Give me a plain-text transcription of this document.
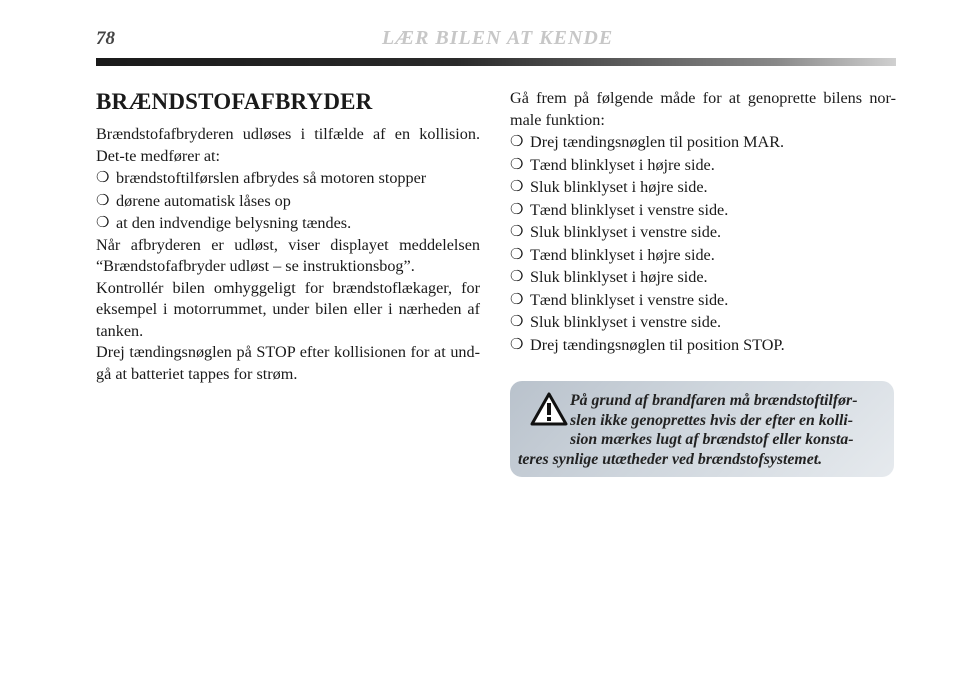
78	LÆR BILEN AT KENDE
BRÆNDSTOFAFBRYDER

Brændstofafbryderen udløses i tilfælde af en kollision. Det-te medfører at:

❍ brændstoftilførslen afbrydes så motoren stopper
❍ dørene automatisk låses op
❍ at den indvendige belysning tændes.

Når afbryderen er udløst, viser displayet meddelelsen “Brændstofafbryder udløst – se instruktionsbog”.

Kontrollér bilen omhyggeligt for brændstoflækager, for eksempel i motorrummet, under bilen eller i nærheden af tanken.

Drej tændingsnøglen på STOP efter kollisionen for at und-gå at batteriet tappes for strøm.

Gå frem på følgende måde for at genoprette bilens nor-male funktion:

❍ Drej tændingsnøglen til position MAR.
❍ Tænd blinklyset i højre side.
❍ Sluk blinklyset i højre side.
❍ Tænd blinklyset i venstre side.
❍ Sluk blinklyset i venstre side.
❍ Tænd blinklyset i højre side.
❍ Sluk blinklyset i højre side.
❍ Tænd blinklyset i venstre side.
❍ Sluk blinklyset i venstre side.
❍ Drej tændingsnøglen til position STOP.
På grund af brandfaren må brændstoftilfør-
slen ikke genoprettes hvis der efter en kolli-
sion mærkes lugt af brændstof eller konsta-
teres synlige utætheder ved brændstofsystemet.
